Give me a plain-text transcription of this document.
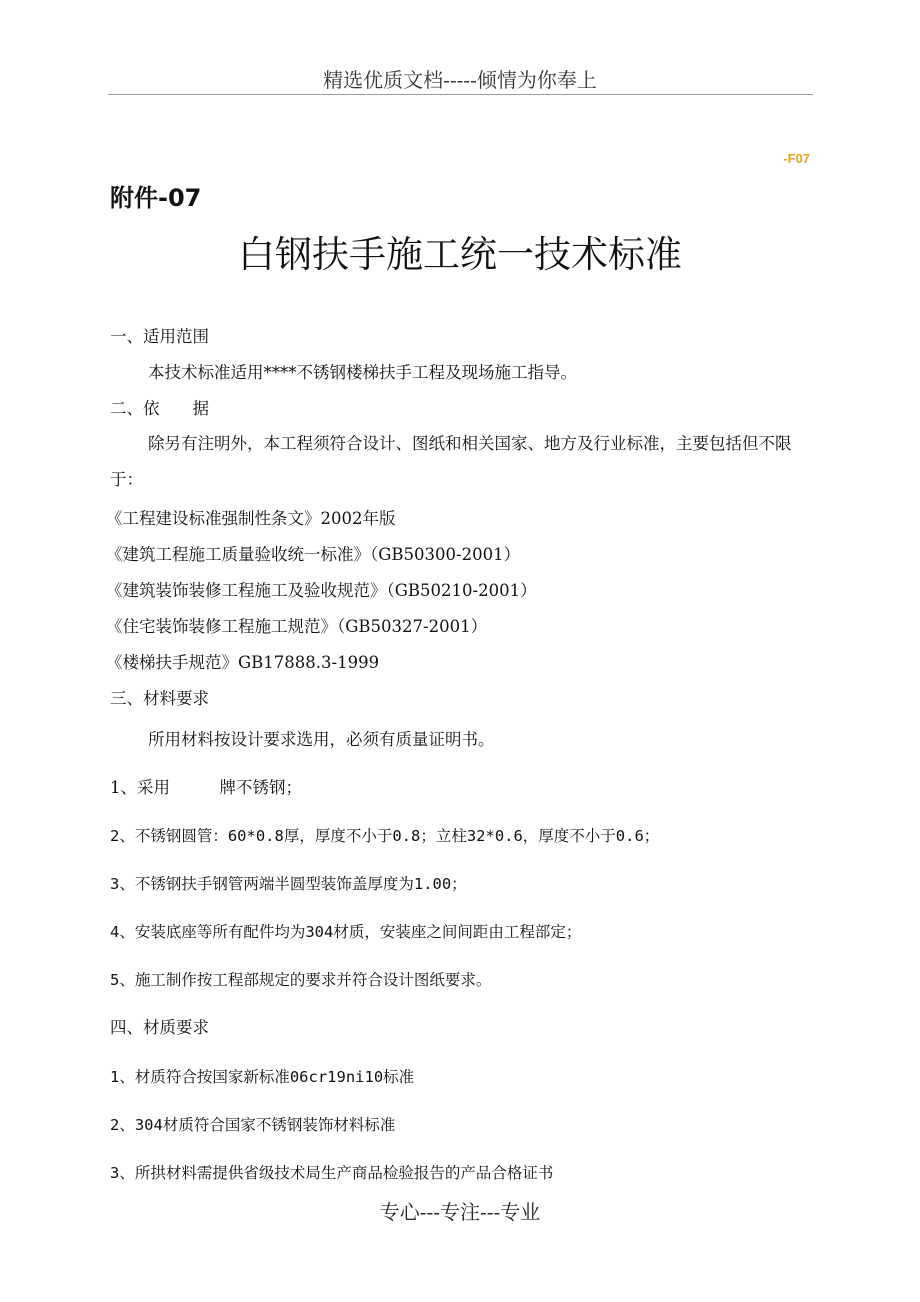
精选优质文档-----倾情为你奉上
-F07
附件-07
白钢扶手施工统一技术标准
一、适用范围
本技术标准适用****不锈钢楼梯扶手工程及现场施工指导。
二、依　　据
除另有注明外，本工程须符合设计、图纸和相关国家、地方及行业标准，主要包括但不限于：
《工程建设标准强制性条文》2002年版
《建筑工程施工质量验收统一标准》（GB50300-2001）
《建筑装饰装修工程施工及验收规范》（GB50210-2001）
《住宅装饰装修工程施工规范》（GB50327-2001）
《楼梯扶手规范》GB17888.3-1999
三、材料要求
所用材料按设计要求选用，必须有质量证明书。
1、采用　　　牌不锈钢；
2、不锈钢圆管：60*0.8厚，厚度不小于0.8；立柱32*0.6，厚度不小于0.6；
3、不锈钢扶手钢管两端半圆型装饰盖厚度为1.00；
4、安装底座等所有配件均为304材质，安装座之间间距由工程部定；
5、施工制作按工程部规定的要求并符合设计图纸要求。
四、材质要求
1、材质符合按国家新标准06cr19ni10标准
2、304材质符合国家不锈钢装饰材料标准
3、所拱材料需提供省级技术局生产商品检验报告的产品合格证书
专心---专注---专业
